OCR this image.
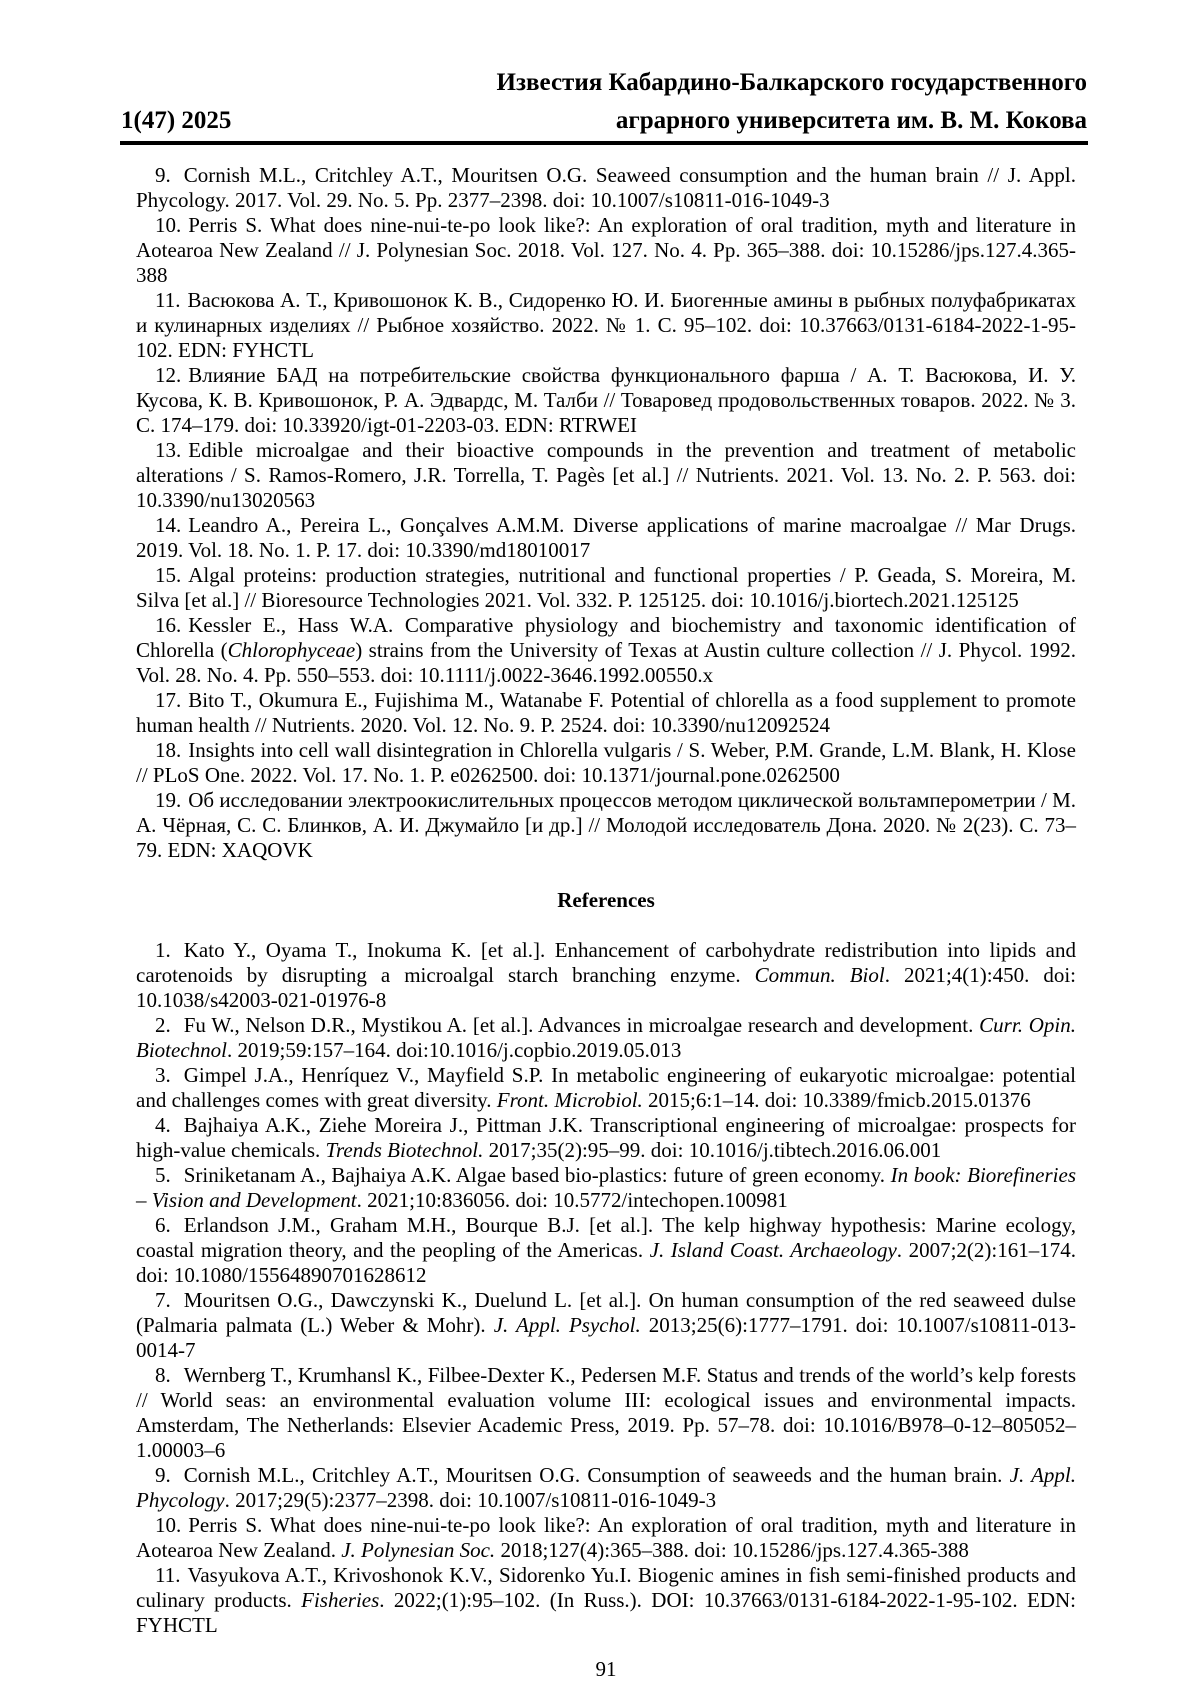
1(47) 2025
Известия Кабардино-Балкарского государственного
аграрного университета им. В. М. Кокова

9. Cornish M.L., Critchley A.T., Mouritsen O.G. Seaweed consumption and the human brain // J. Appl. Phycology. 2017. Vol. 29. No. 5. Pp. 2377–2398. doi: 10.1007/s10811-016-1049-3

10. Perris S. What does nine-nui-te-po look like?: An exploration of oral tradition, myth and literature in Aotearoa New Zealand // J. Polynesian Soc. 2018. Vol. 127. No. 4. Pp. 365–388. doi: 10.15286/jps.127.4.365-388

11. Васюкова А. Т., Кривошонок К. В., Сидоренко Ю. И. Биогенные амины в рыбных полуфабрикатах и кулинарных изделиях // Рыбное хозяйство. 2022. № 1. С. 95–102. doi: 10.37663/0131-6184-2022-1-95-102. EDN: FYHCTL

12. Влияние БАД на потребительские свойства функционального фарша / А. Т. Васюкова, И. У. Кусова, К. В. Кривошонок, Р. А. Эдвардс, М. Талби // Товаровед продовольственных товаров. 2022. № 3. С. 174–179. doi: 10.33920/igt-01-2203-03. EDN: RTRWEI

13. Edible microalgae and their bioactive compounds in the prevention and treatment of metabolic alterations / S. Ramos-Romero, J.R. Torrella, T. Pagès [et al.] // Nutrients. 2021. Vol. 13. No. 2. P. 563. doi: 10.3390/nu13020563

14. Leandro A., Pereira L., Gonçalves A.M.M. Diverse applications of marine macroalgae // Mar Drugs. 2019. Vol. 18. No. 1. P. 17. doi: 10.3390/md18010017

15. Algal proteins: production strategies, nutritional and functional properties / P. Geada, S. Moreira, M. Silva [et al.] // Bioresource Technologies 2021. Vol. 332. P. 125125. doi: 10.1016/j.biortech.2021.125125

16. Kessler E., Hass W.A. Comparative physiology and biochemistry and taxonomic identification of Chlorella (Chlorophyceae) strains from the University of Texas at Austin culture collection // J. Phycol. 1992. Vol. 28. No. 4. Pp. 550–553. doi: 10.1111/j.0022-3646.1992.00550.x

17. Bito T., Okumura E., Fujishima M., Watanabe F. Potential of chlorella as a food supplement to promote human health // Nutrients. 2020. Vol. 12. No. 9. P. 2524. doi: 10.3390/nu12092524

18. Insights into cell wall disintegration in Chlorella vulgaris / S. Weber, P.M. Grande, L.M. Blank, H. Klose // PLoS One. 2022. Vol. 17. No. 1. P. e0262500. doi: 10.1371/journal.pone.0262500

19. Об исследовании электроокислительных процессов методом циклической вольтамперометрии / М. А. Чёрная, С. С. Блинков, А. И. Джумайло [и др.] // Молодой исследователь Дона. 2020. № 2(23). С. 73–79. EDN: XAQOVK

References

1. Kato Y., Oyama T., Inokuma K. [et al.]. Enhancement of carbohydrate redistribution into lipids and carotenoids by disrupting a microalgal starch branching enzyme. Commun. Biol. 2021;4(1):450. doi: 10.1038/s42003-021-01976-8

2. Fu W., Nelson D.R., Mystikou A. [et al.]. Advances in microalgae research and development. Curr. Opin. Biotechnol. 2019;59:157–164. doi:10.1016/j.copbio.2019.05.013

3. Gimpel J.A., Henríquez V., Mayfield S.P. In metabolic engineering of eukaryotic microalgae: potential and challenges comes with great diversity. Front. Microbiol. 2015;6:1–14. doi: 10.3389/fmicb.2015.01376

4. Bajhaiya A.K., Ziehe Moreira J., Pittman J.K. Transcriptional engineering of microalgae: prospects for high-value chemicals. Trends Biotechnol. 2017;35(2):95–99. doi: 10.1016/j.tibtech.2016.06.001

5. Sriniketanam A., Bajhaiya A.K. Algae based bio-plastics: future of green economy. In book: Biorefineries – Vision and Development. 2021;10:836056. doi: 10.5772/intechopen.100981

6. Erlandson J.M., Graham M.H., Bourque B.J. [et al.]. The kelp highway hypothesis: Marine ecology, coastal migration theory, and the peopling of the Americas. J. Island Coast. Archaeology. 2007;2(2):161–174. doi: 10.1080/15564890701628612

7. Mouritsen O.G., Dawczynski K., Duelund L. [et al.]. On human consumption of the red seaweed dulse (Palmaria palmata (L.) Weber & Mohr). J. Appl. Psychol. 2013;25(6):1777–1791. doi: 10.1007/s10811-013-0014-7

8. Wernberg T., Krumhansl K., Filbee-Dexter K., Pedersen M.F. Status and trends of the world’s kelp forests // World seas: an environmental evaluation volume III: ecological issues and environmental impacts. Amsterdam, The Netherlands: Elsevier Academic Press, 2019. Pp. 57–78. doi: 10.1016/B978–0-12–805052–1.00003–6

9. Cornish M.L., Critchley A.T., Mouritsen O.G. Consumption of seaweeds and the human brain. J. Appl. Phycology. 2017;29(5):2377–2398. doi: 10.1007/s10811-016-1049-3

10. Perris S. What does nine-nui-te-po look like?: An exploration of oral tradition, myth and literature in Aotearoa New Zealand. J. Polynesian Soc. 2018;127(4):365–388. doi: 10.15286/jps.127.4.365-388

11. Vasyukova A.T., Krivoshonok K.V., Sidorenko Yu.I. Biogenic amines in fish semi-finished products and culinary products. Fisheries. 2022;(1):95–102. (In Russ.). DOI: 10.37663/0131-6184-2022-1-95-102. EDN: FYHCTL

91
